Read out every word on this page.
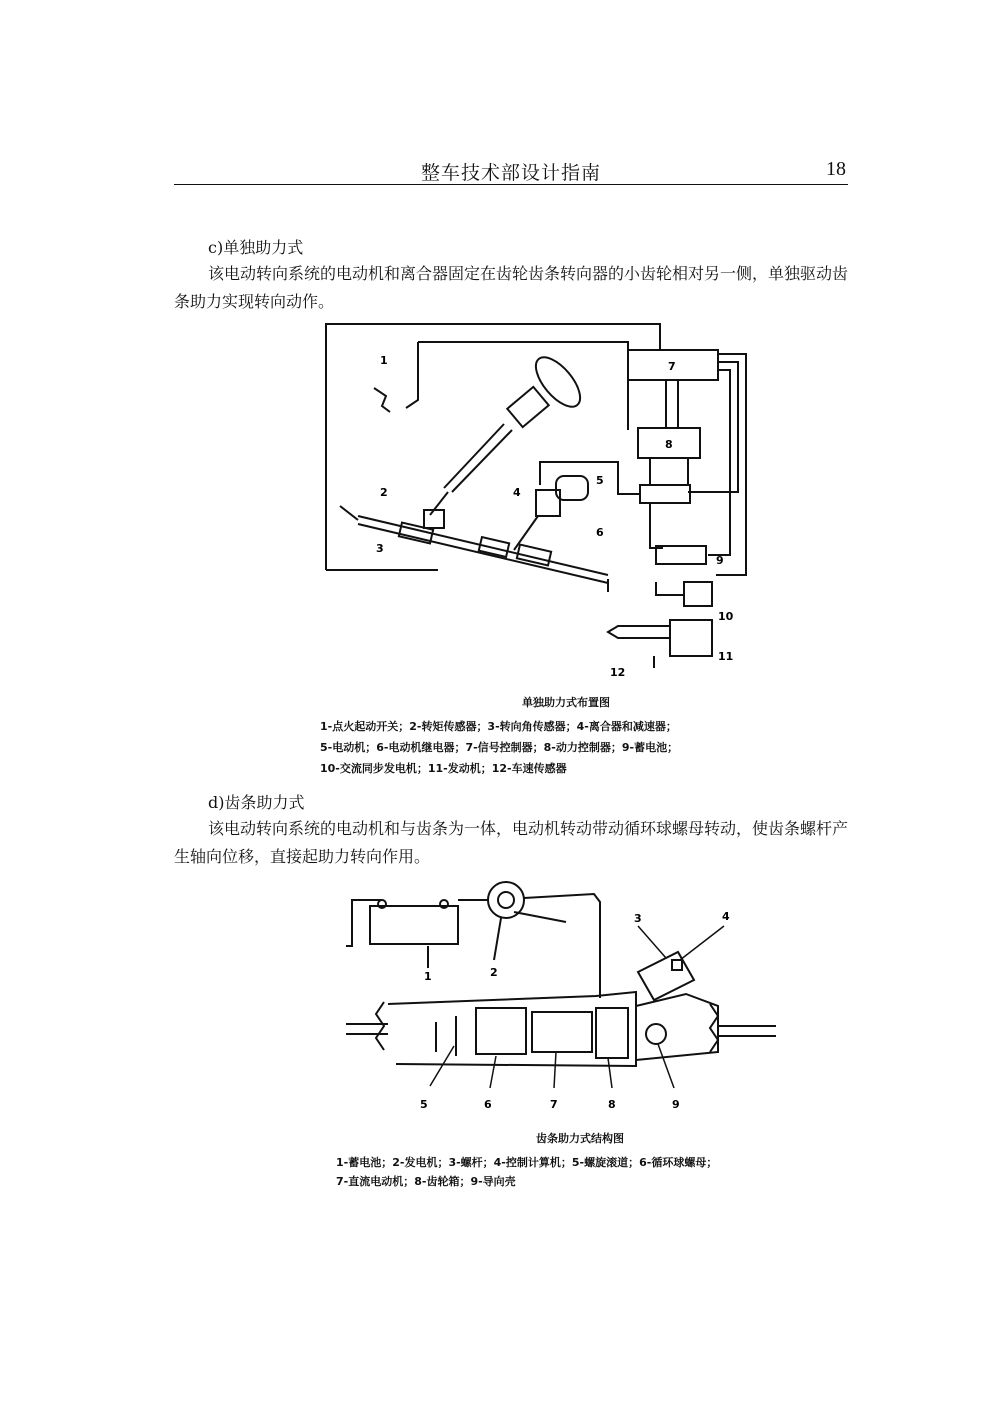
整车技术部设计指南	18
c)单独助力式
该电动转向系统的电动机和离合器固定在齿轮齿条转向器的小齿轮相对另一侧，单独驱动齿条助力实现转向动作。
1
2
3
4
5
6
7
8
9
10
11
12
单独助力式布置图
1-点火起动开关；2-转矩传感器；3-转向角传感器；4-离合器和减速器；
5-电动机；6-电动机继电器；7-信号控制器；8-动力控制器；9-蓄电池；
10-交流同步发电机；11-发动机；12-车速传感器
d)齿条助力式
该电动转向系统的电动机和与齿条为一体，电动机转动带动循环球螺母转动，使齿条螺杆产生轴向位移，直接起助力转向作用。
1	2
3	4
5	6	7	8	9
齿条助力式结构图
1-蓄电池；2-发电机；3-螺杆；4-控制计算机；5-螺旋滚道；6-循环球螺母；
7-直流电动机；8-齿轮箱；9-导向壳
